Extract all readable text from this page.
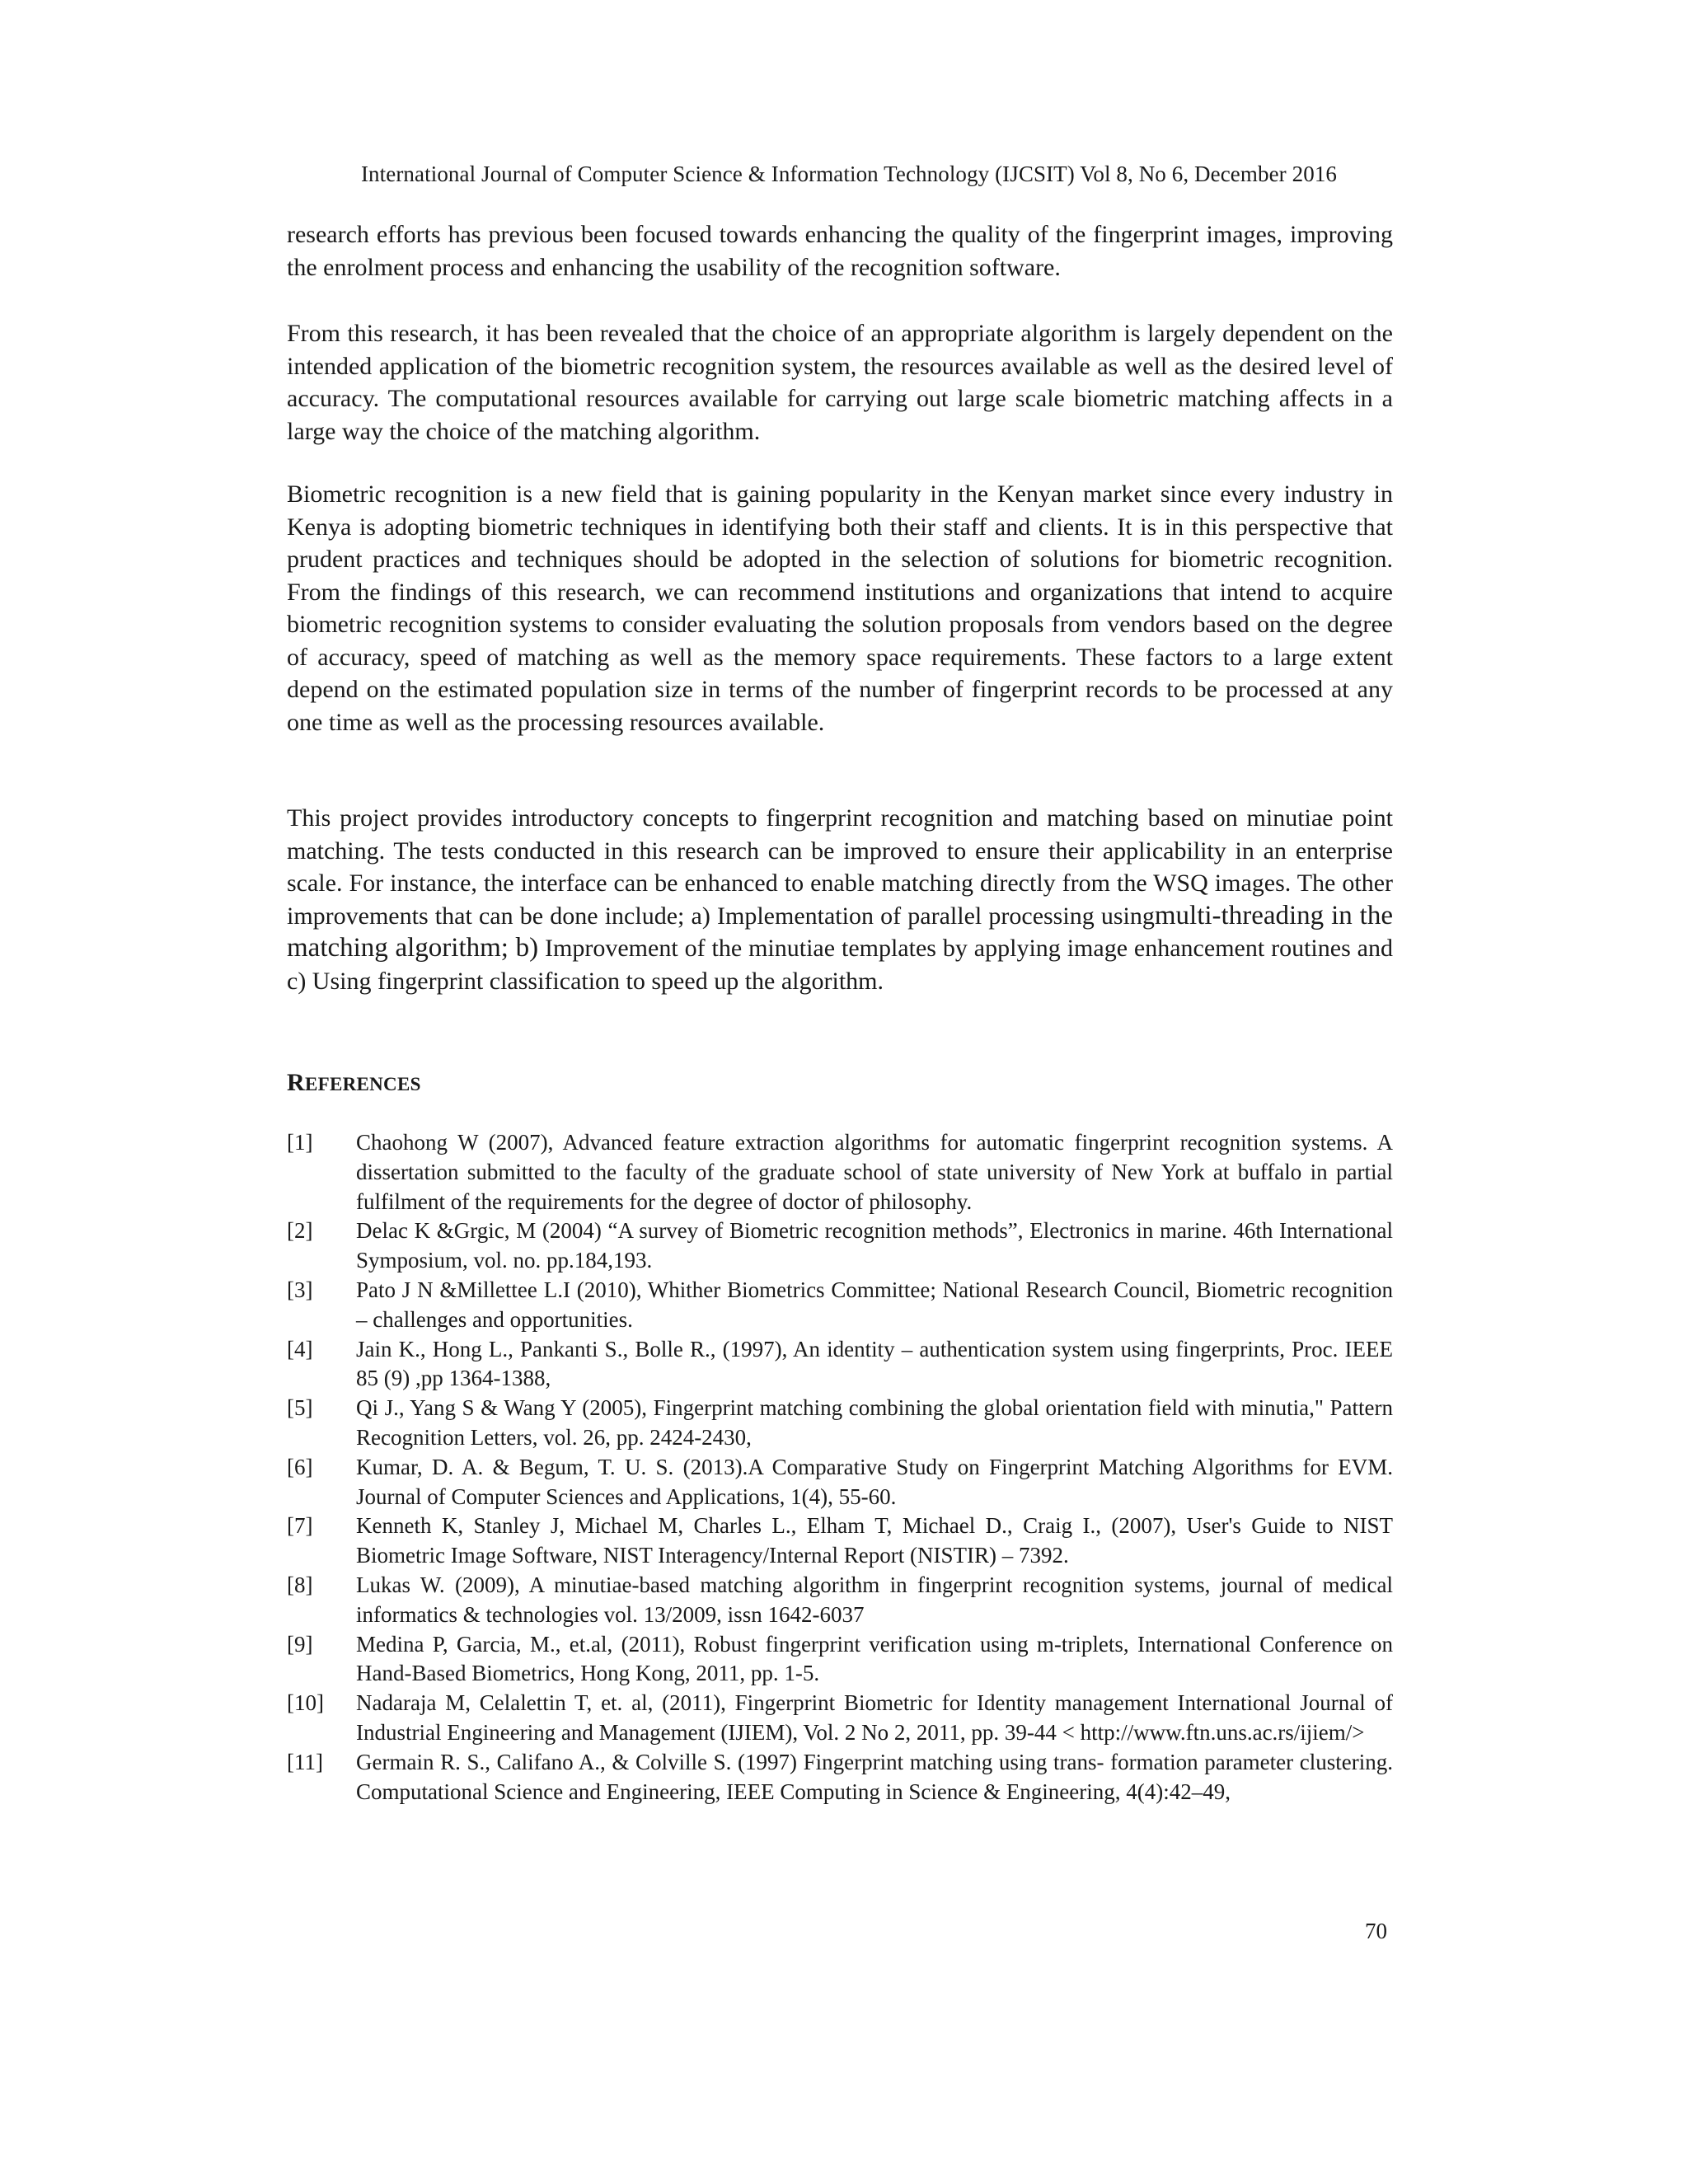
International Journal of Computer Science & Information Technology (IJCSIT) Vol 8, No 6, December 2016

research efforts has previous been focused towards enhancing the quality of the fingerprint images, improving the enrolment process and enhancing the usability of the recognition software.

From this research, it has been revealed that the choice of an appropriate algorithm is largely dependent on the intended application of the biometric recognition system, the resources available as well as the desired level of accuracy. The computational resources available for carrying out large scale biometric matching affects in a large way the choice of the matching algorithm.

Biometric recognition is a new field that is gaining popularity in the Kenyan market since every industry in Kenya is adopting biometric techniques in identifying both their staff and clients. It is in this perspective that prudent practices and techniques should be adopted in the selection of solutions for biometric recognition. From the findings of this research, we can recommend institutions and organizations that intend to acquire biometric recognition systems to consider evaluating the solution proposals from vendors based on the degree of accuracy, speed of matching as well as the memory space requirements. These factors to a large extent depend on the estimated population size in terms of the number of fingerprint records to be processed at any one time as well as the processing resources available.

This project provides introductory concepts to fingerprint recognition and matching based on minutiae point matching. The tests conducted in this research can be improved to ensure their applicability in an enterprise scale. For instance, the interface can be enhanced to enable matching directly from the WSQ images. The other improvements that can be done include; a) Implementation of parallel processing usingmulti-threading in the matching algorithm; b) Improvement of the minutiae templates by applying image enhancement routines and c) Using fingerprint classification to speed up the algorithm.

REFERENCES
[1]	Chaohong W (2007), Advanced feature extraction algorithms for automatic fingerprint recognition systems. A dissertation submitted to the faculty of the graduate school of state university of New York at buffalo in partial fulfilment of the requirements for the degree of doctor of philosophy.
[2]	Delac K &Grgic, M (2004) “A survey of Biometric recognition methods”, Electronics in marine. 46th International Symposium, vol. no. pp.184,193.
[3]	Pato J N &Millettee L.I (2010), Whither Biometrics Committee; National Research Council, Biometric recognition – challenges and opportunities.
[4]	Jain K., Hong L., Pankanti S., Bolle R., (1997), An identity – authentication system using fingerprints, Proc. IEEE 85 (9) ,pp 1364-1388,
[5]	Qi J., Yang S & Wang Y (2005), Fingerprint matching combining the global orientation field with minutia," Pattern Recognition Letters, vol. 26, pp. 2424-2430,
[6]	Kumar, D. A. & Begum, T. U. S. (2013).A Comparative Study on Fingerprint Matching Algorithms for EVM. Journal of Computer Sciences and Applications, 1(4), 55-60.
[7]	Kenneth K, Stanley J, Michael M, Charles L., Elham T, Michael D., Craig I., (2007), User's Guide to NIST Biometric Image Software, NIST Interagency/Internal Report (NISTIR) – 7392.
[8]	Lukas W. (2009), A minutiae-based matching algorithm in fingerprint recognition systems, journal of medical informatics & technologies vol. 13/2009, issn 1642-6037
[9]	Medina P, Garcia, M., et.al, (2011), Robust fingerprint verification using m-triplets, International Conference on Hand-Based Biometrics, Hong Kong, 2011, pp. 1-5.
[10]	Nadaraja M, Celalettin T, et. al, (2011), Fingerprint Biometric for Identity management International Journal of Industrial Engineering and Management (IJIEM), Vol. 2 No 2, 2011, pp. 39-44 < http://www.ftn.uns.ac.rs/ijiem/>
[11]	Germain R. S., Califano A., & Colville S. (1997) Fingerprint matching using trans- formation parameter clustering. Computational Science and Engineering, IEEE Computing in Science & Engineering, 4(4):42–49,
70
